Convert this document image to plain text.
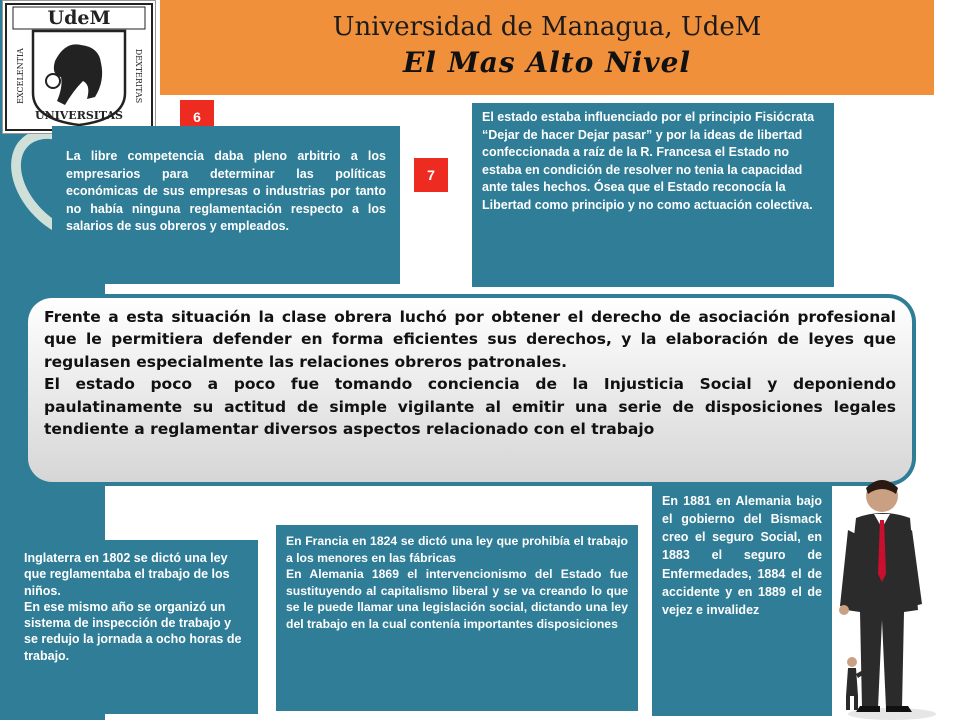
Universidad de Managua, UdeM
El Mas Alto Nivel
UdeM
EXCELENTIA	DEXTERITAS
UNIVERSITAS	6
7
La libre competencia daba pleno arbitrio a los empresarios para determinar las políticas económicas de sus empresas o industrias por tanto no había ninguna reglamentación respecto a los salarios de sus obreros y empleados.
El estado estaba influenciado por el principio Fisiócrata “Dejar de hacer Dejar pasar” y por la ideas de libertad confeccionada a raíz de la R. Francesa el Estado no estaba en condición de resolver no tenia la capacidad ante tales hechos. Ósea que el Estado reconocía la Libertad como principio y no como actuación colectiva.

Frente a esta situación la clase obrera luchó por obtener el derecho de asociación profesional que le permitiera defender en forma eficientes sus derechos, y la elaboración de leyes que regulasen especialmente las relaciones obreros patronales.

El estado poco a poco fue tomando conciencia de la Injusticia Social y deponiendo paulatinamente su actitud de simple vigilante al emitir una serie de disposiciones legales tendiente a reglamentar diversos aspectos relacionado con el trabajo

Inglaterra en 1802 se dictó una ley que reglamentaba el trabajo de los niños.
En ese mismo año se organizó un sistema de inspección de trabajo y se redujo la jornada a ocho horas de trabajo.
En Francia en 1824 se dictó una ley que prohibía el trabajo a los menores en las fábricas
En Alemania 1869 el intervencionismo del Estado fue sustituyendo al capitalismo liberal y se va creando lo que se le puede llamar una legislación social, dictando una ley del trabajo en la cual contenía importantes disposiciones
En 1881 en Alemania bajo el gobierno del Bismack creo el seguro Social, en 1883 el seguro de Enfermedades, 1884 el de accidente y en 1889 el de vejez e invalidez
